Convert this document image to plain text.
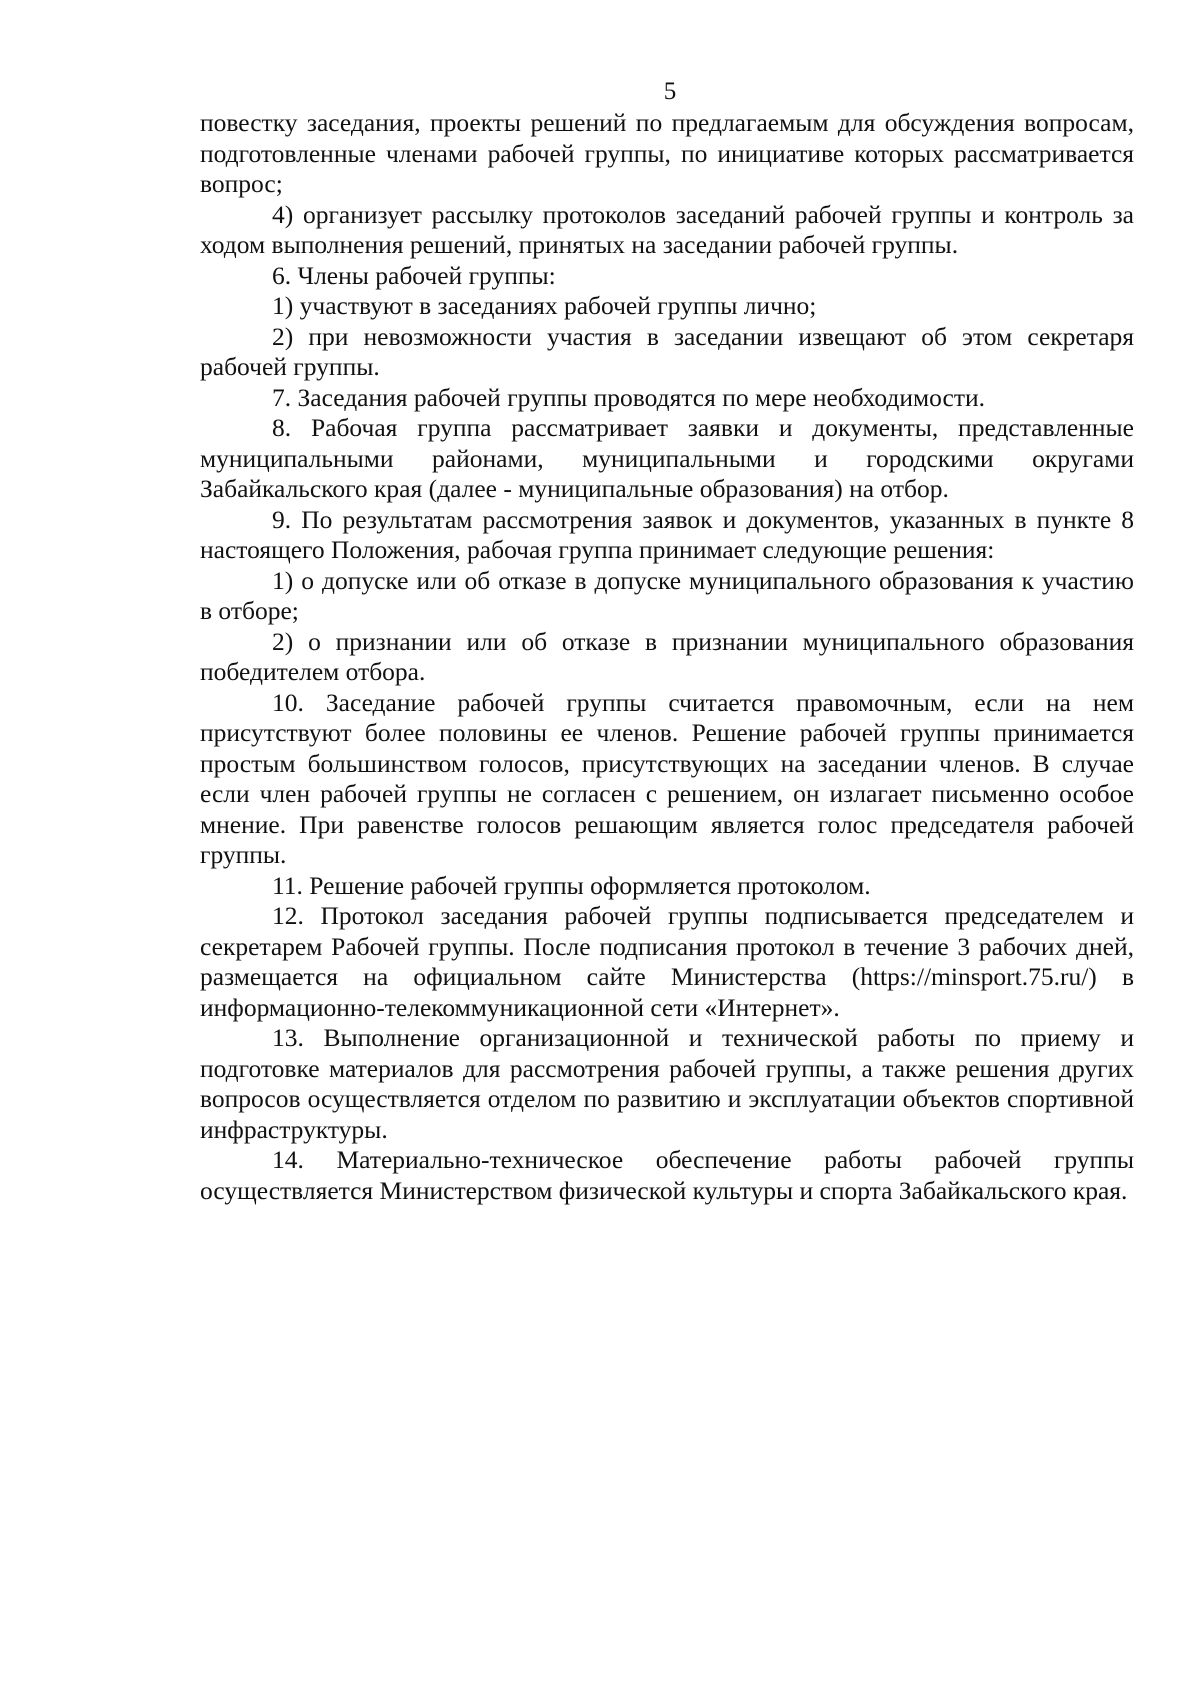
5

повестку заседания, проекты решений по предлагаемым для обсуждения вопросам, подготовленные членами рабочей группы, по инициативе которых рассматривается вопрос;

4) организует рассылку протоколов заседаний рабочей группы и контроль за ходом выполнения решений, принятых на заседании рабочей группы.

6. Члены рабочей группы:

1) участвуют в заседаниях рабочей группы лично;

2) при невозможности участия в заседании извещают об этом секретаря рабочей группы.

7. Заседания рабочей группы проводятся по мере необходимости.

8. Рабочая группа рассматривает заявки и документы, представленные муниципальными районами, муниципальными и городскими округами Забайкальского края (далее - муниципальные образования) на отбор.

9. По результатам рассмотрения заявок и документов, указанных в пункте 8 настоящего Положения, рабочая группа принимает следующие решения:

1) о допуске или об отказе в допуске муниципального образования к участию в отборе;

2) о признании или об отказе в признании муниципального образования победителем отбора.

10. Заседание рабочей группы считается правомочным, если на нем присутствуют более половины ее членов. Решение рабочей группы принимается простым большинством голосов, присутствующих на заседании членов. В случае если член рабочей группы не согласен с решением, он излагает письменно особое мнение. При равенстве голосов решающим является голос председателя рабочей группы.

11. Решение рабочей группы оформляется протоколом.

12. Протокол заседания рабочей группы подписывается председателем и секретарем Рабочей группы. После подписания протокол в течение 3 рабочих дней, размещается на официальном сайте Министерства (https://minsport.75.ru/) в информационно-телекоммуникационной сети «Интернет».

13. Выполнение организационной и технической работы по приему и подготовке материалов для рассмотрения рабочей группы, а также решения других вопросов осуществляется отделом по развитию и эксплуатации объектов спортивной инфраструктуры.

14. Материально-техническое обеспечение работы рабочей группы осуществляется Министерством физической культуры и спорта Забайкальского края.
